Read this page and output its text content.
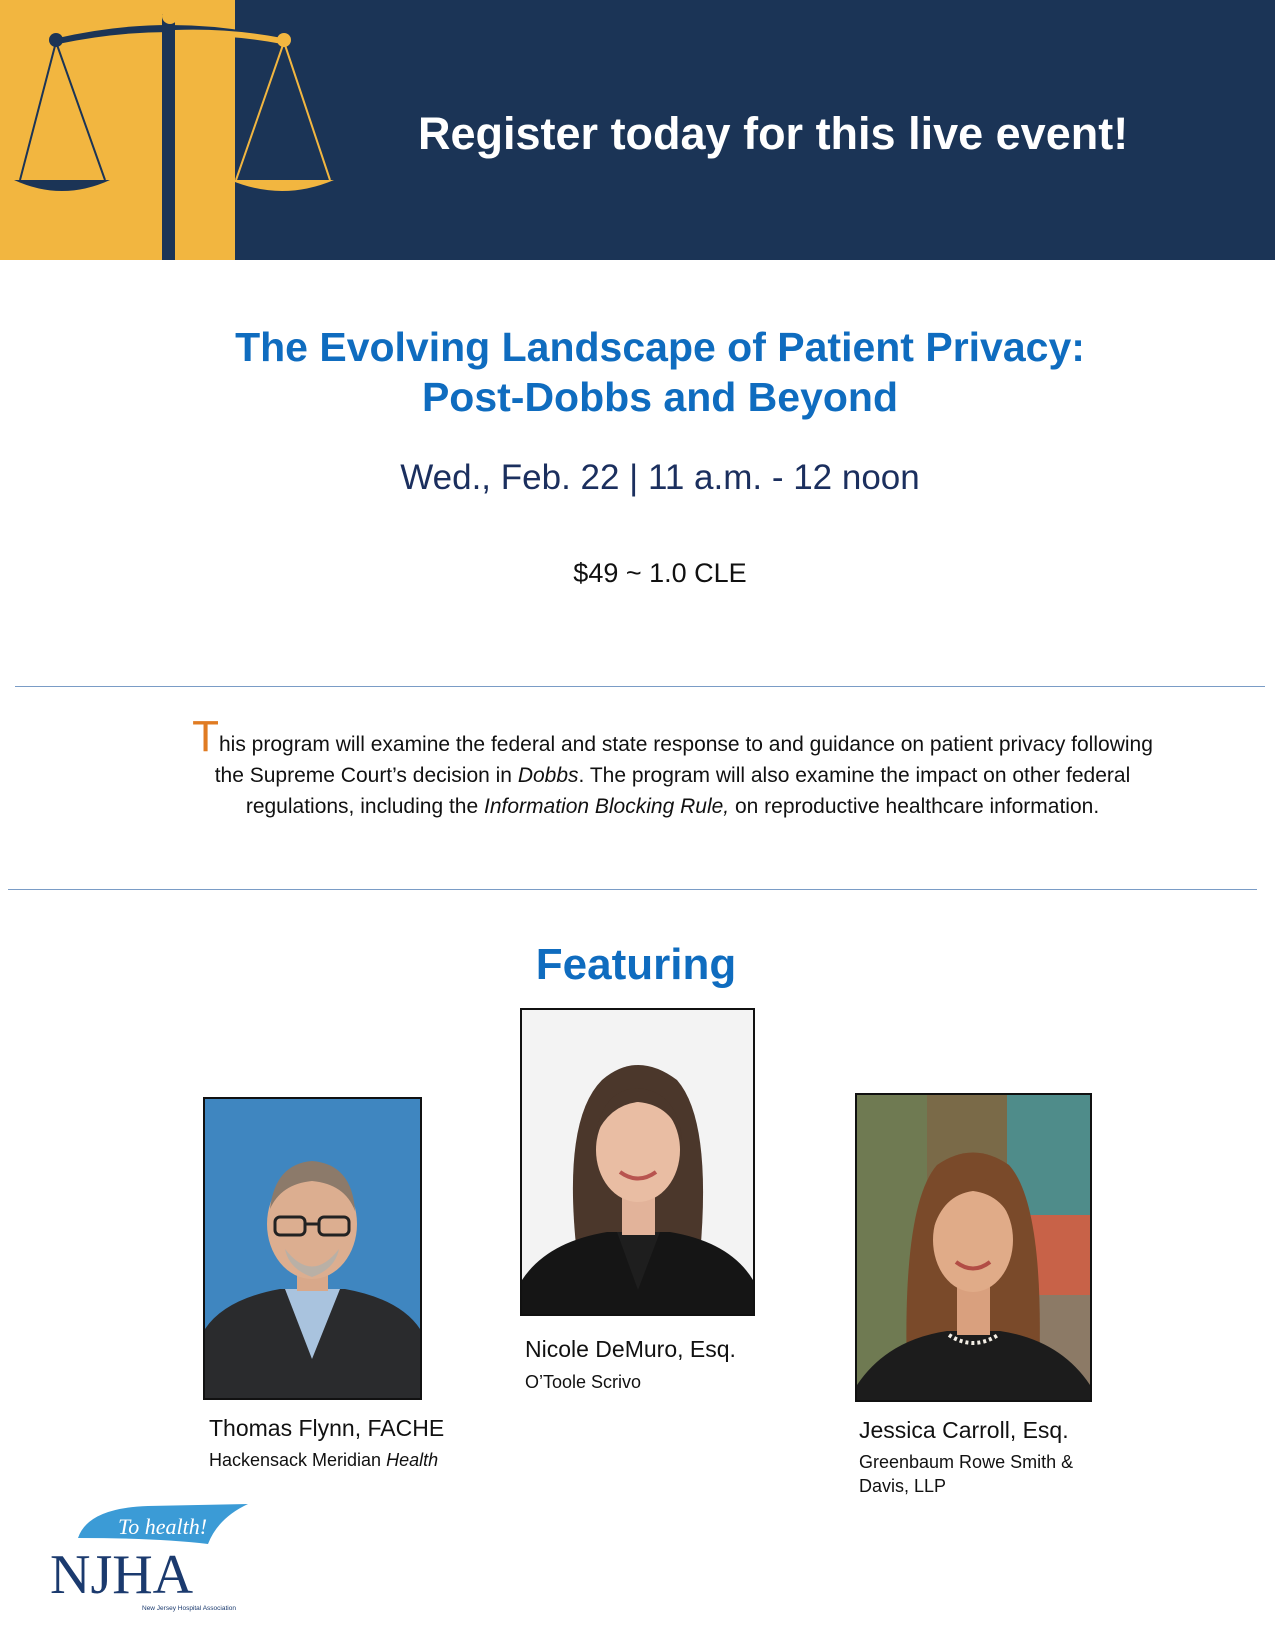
Register today for this live event!
The Evolving Landscape of Patient Privacy:
Post-Dobbs and Beyond
Wed., Feb. 22 | 11 a.m. - 12 noon
$49 ~ 1.0 CLE
This program will examine the federal and state response to and guidance on patient privacy following the Supreme Court’s decision in Dobbs. The program will also examine the impact on other federal regulations, including the Information Blocking Rule, on reproductive healthcare information.
Featuring
Thomas Flynn, FACHE
Hackensack Meridian Health
Nicole DeMuro, Esq.
O’Toole Scrivo
Jessica Carroll, Esq.
Greenbaum Rowe Smith &
Davis, LLP
To health!
NJHA
New Jersey Hospital Association
